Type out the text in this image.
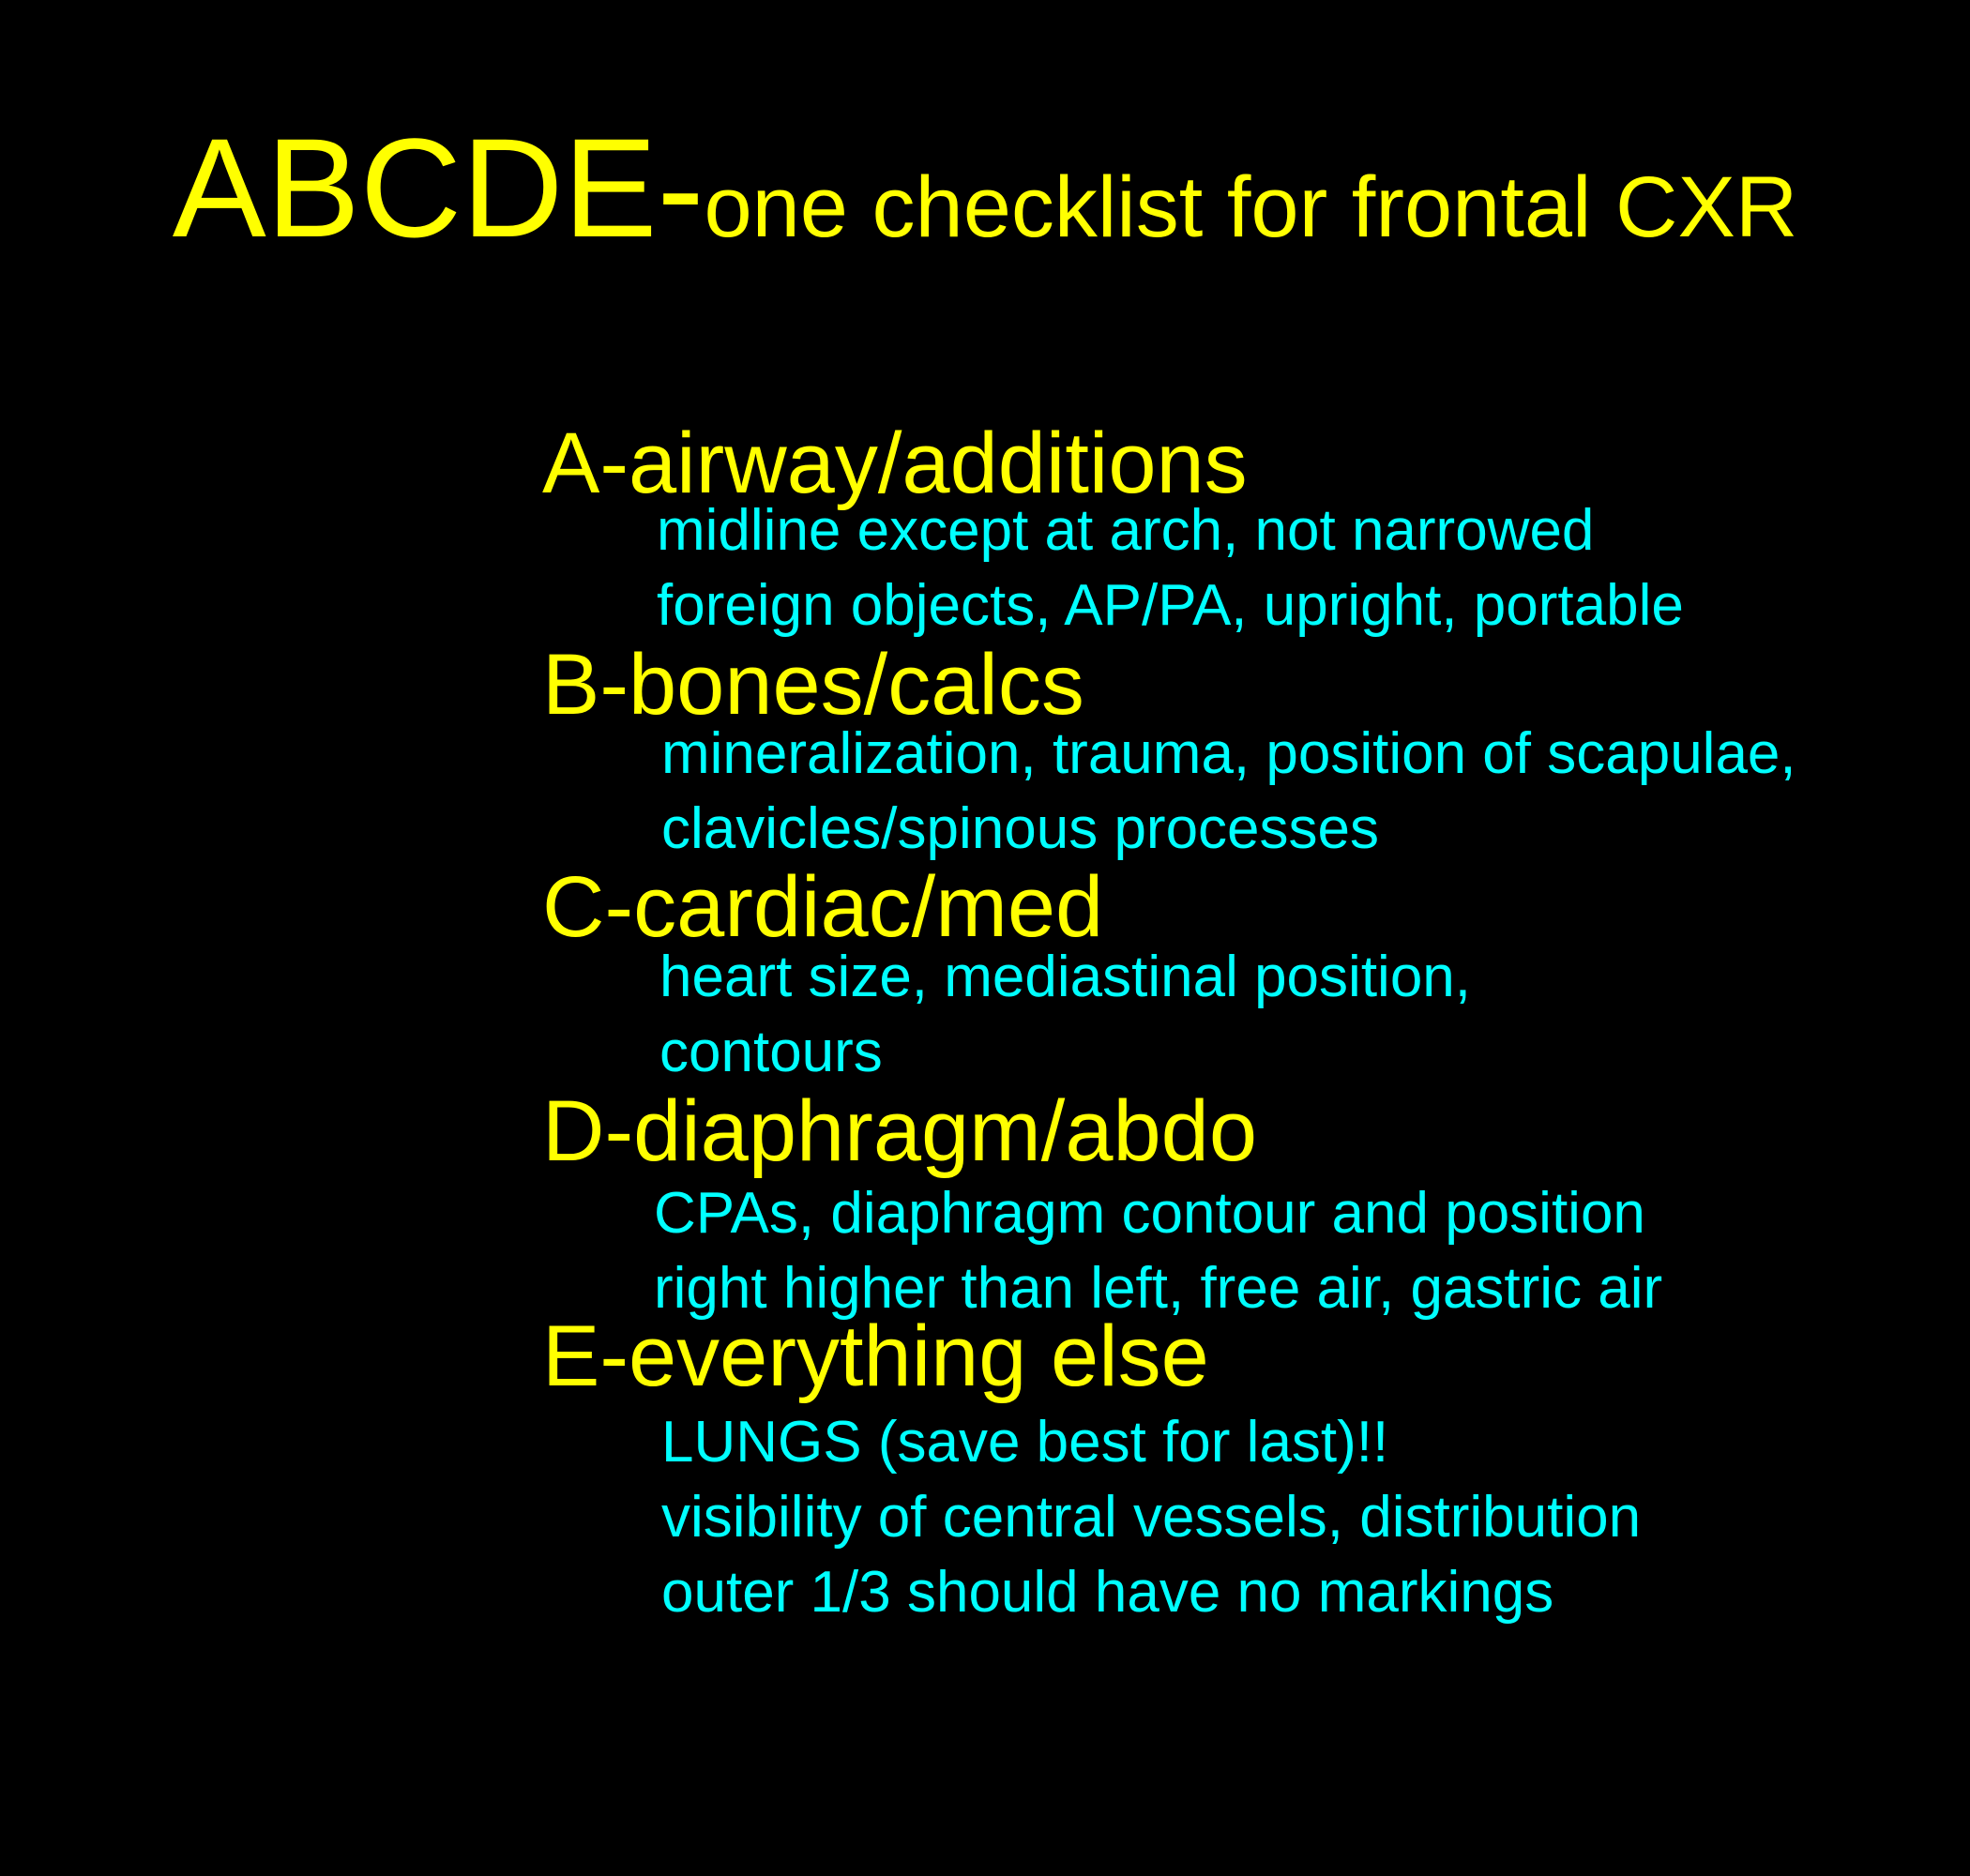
ABCDE-one checklist for frontal CXR
A-airway/additions
midline except at arch, not narrowed
foreign objects, AP/PA, upright, portable
B-bones/calcs
mineralization, trauma, position of scapulae,
clavicles/spinous processes
C-cardiac/med
heart size, mediastinal position,
contours
D-diaphragm/abdo
CPAs, diaphragm contour and position
right higher than left, free air, gastric air
E-everything else
LUNGS (save best for last)!!
visibility of central vessels, distribution
outer 1/3 should have no markings
